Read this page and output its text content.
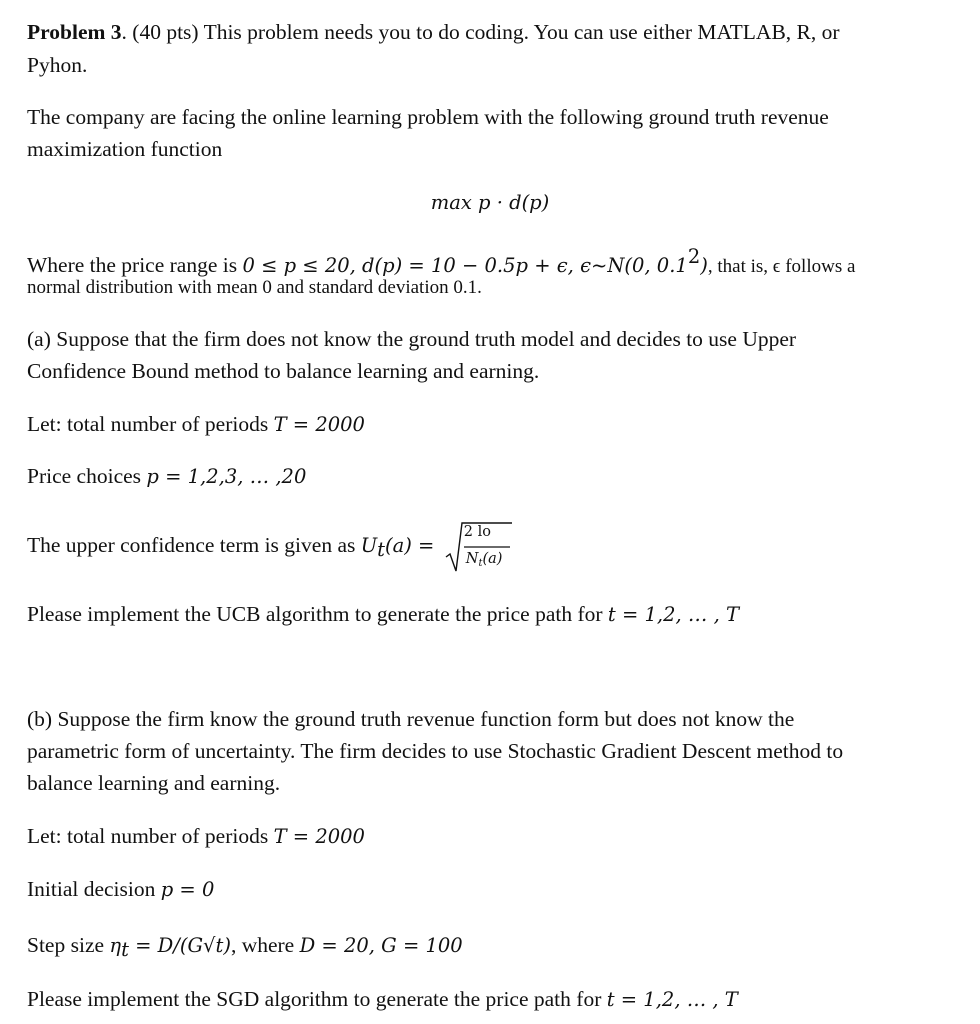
Problem 3. (40 pts) This problem needs you to do coding. You can use either MATLAB, R, or
Pyhon.
The company are facing the online learning problem with the following ground truth revenue
maximization function
max p · d(p)
Where the price range is 0 ≤ p ≤ 20, d(p) = 10 − 0.5p + ϵ, ϵ~N(0, $0.1^2$), that is, ϵ follows a
normal distribution with mean 0 and standard deviation 0.1.
(a) Suppose that the firm does not know the ground truth model and decides to use Upper
Confidence Bound method to balance learning and earning.
Let: total number of periods T = 2000
Price choices p = 1,2,3, … ,20
The upper confidence term is given as $U_t(a)$ =
2 lo
$N_t(a)$
Please implement the UCB algorithm to generate the price path for t = 1,2, … , T
(b) Suppose the firm know the ground truth revenue function form but does not know the
parametric form of uncertainty. The firm decides to use Stochastic Gradient Descent method to
balance learning and earning.
Let: total number of periods T = 2000
Initial decision p = 0
Step size $\eta_t = D/(G√t)$, where D = 20, G = 100
Please implement the SGD algorithm to generate the price path for t = 1,2, … , T
